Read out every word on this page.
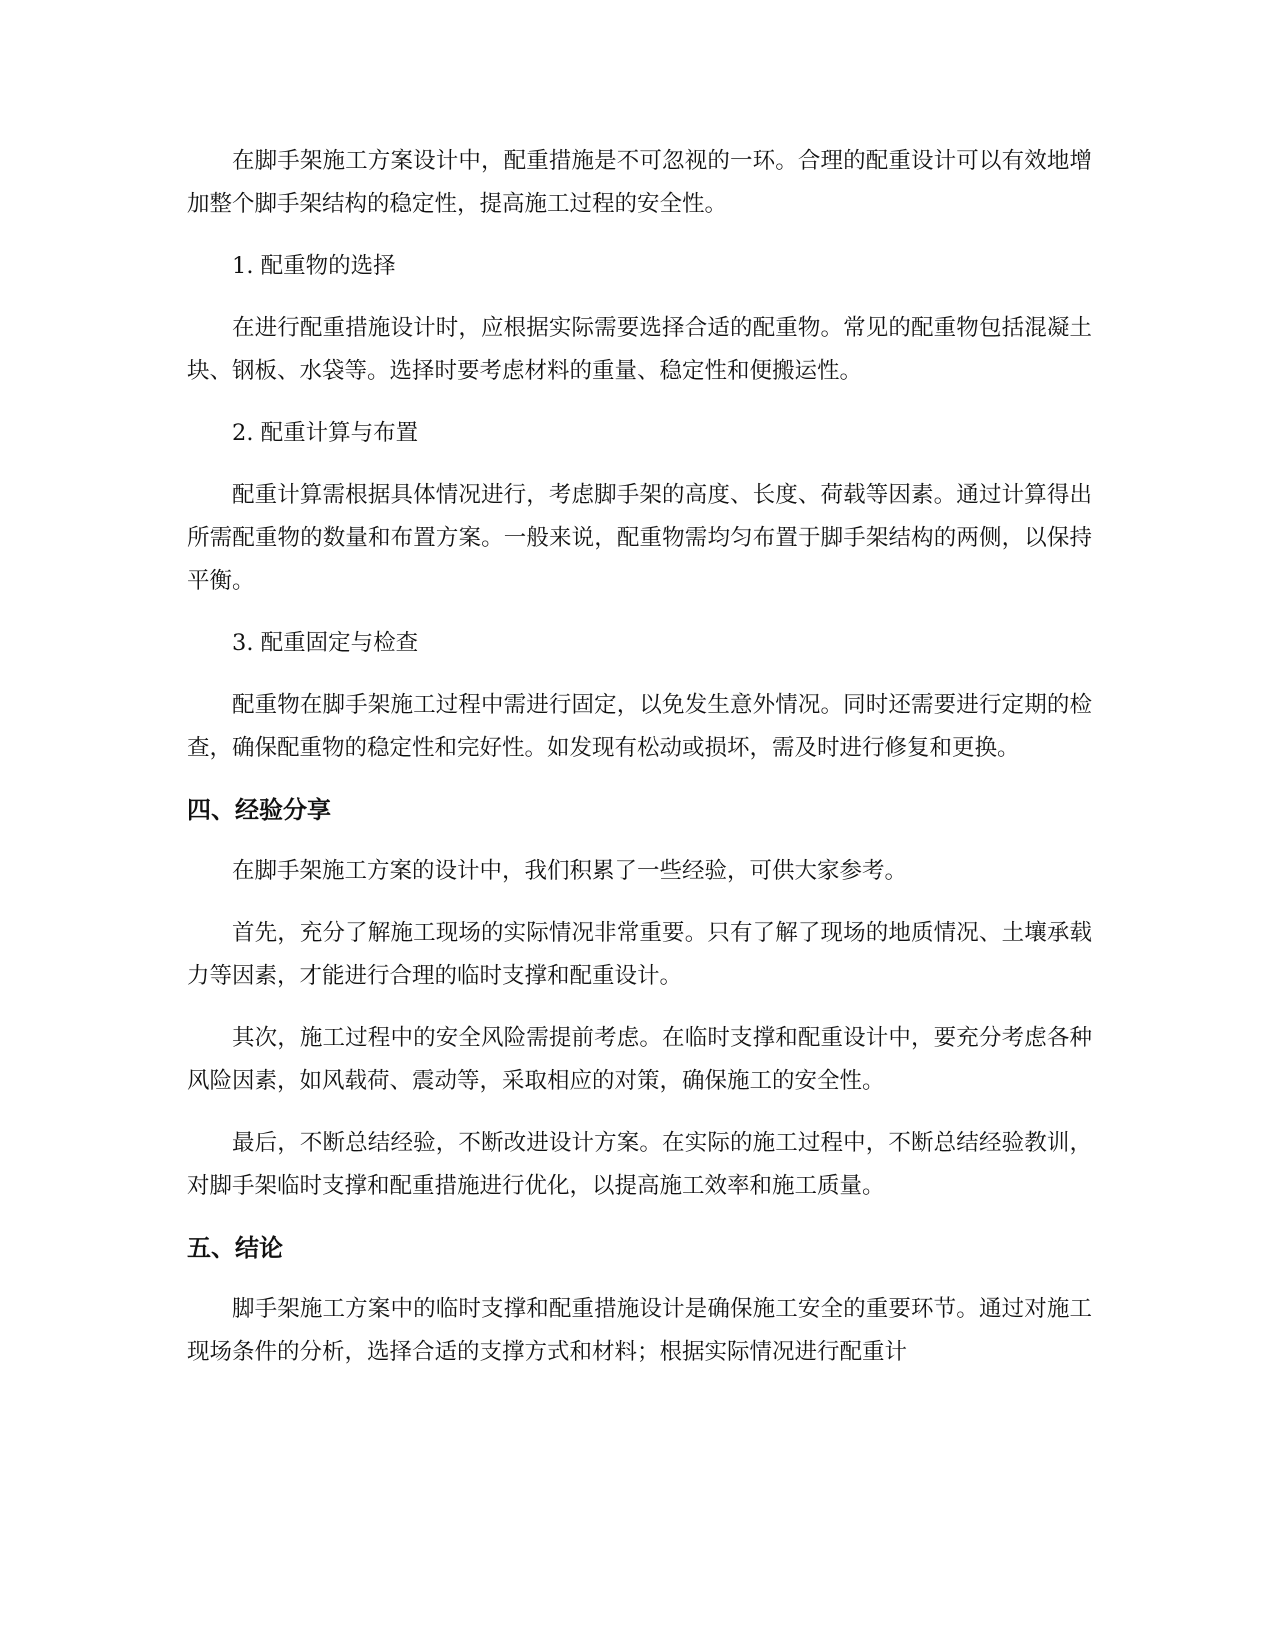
在脚手架施工方案设计中，配重措施是不可忽视的一环。合理的配重设计可以有效地增加整个脚手架结构的稳定性，提高施工过程的安全性。

1. 配重物的选择

在进行配重措施设计时，应根据实际需要选择合适的配重物。常见的配重物包括混凝土块、钢板、水袋等。选择时要考虑材料的重量、稳定性和便搬运性。

2. 配重计算与布置

配重计算需根据具体情况进行，考虑脚手架的高度、长度、荷载等因素。通过计算得出所需配重物的数量和布置方案。一般来说，配重物需均匀布置于脚手架结构的两侧，以保持平衡。

3. 配重固定与检查

配重物在脚手架施工过程中需进行固定，以免发生意外情况。同时还需要进行定期的检查，确保配重物的稳定性和完好性。如发现有松动或损坏，需及时进行修复和更换。

四、经验分享

在脚手架施工方案的设计中，我们积累了一些经验，可供大家参考。

首先，充分了解施工现场的实际情况非常重要。只有了解了现场的地质情况、土壤承载力等因素，才能进行合理的临时支撑和配重设计。

其次，施工过程中的安全风险需提前考虑。在临时支撑和配重设计中，要充分考虑各种风险因素，如风载荷、震动等，采取相应的对策，确保施工的安全性。

最后，不断总结经验，不断改进设计方案。在实际的施工过程中，不断总结经验教训，对脚手架临时支撑和配重措施进行优化，以提高施工效率和施工质量。

五、结论

脚手架施工方案中的临时支撑和配重措施设计是确保施工安全的重要环节。通过对施工现场条件的分析，选择合适的支撑方式和材料；根据实际情况进行配重计
